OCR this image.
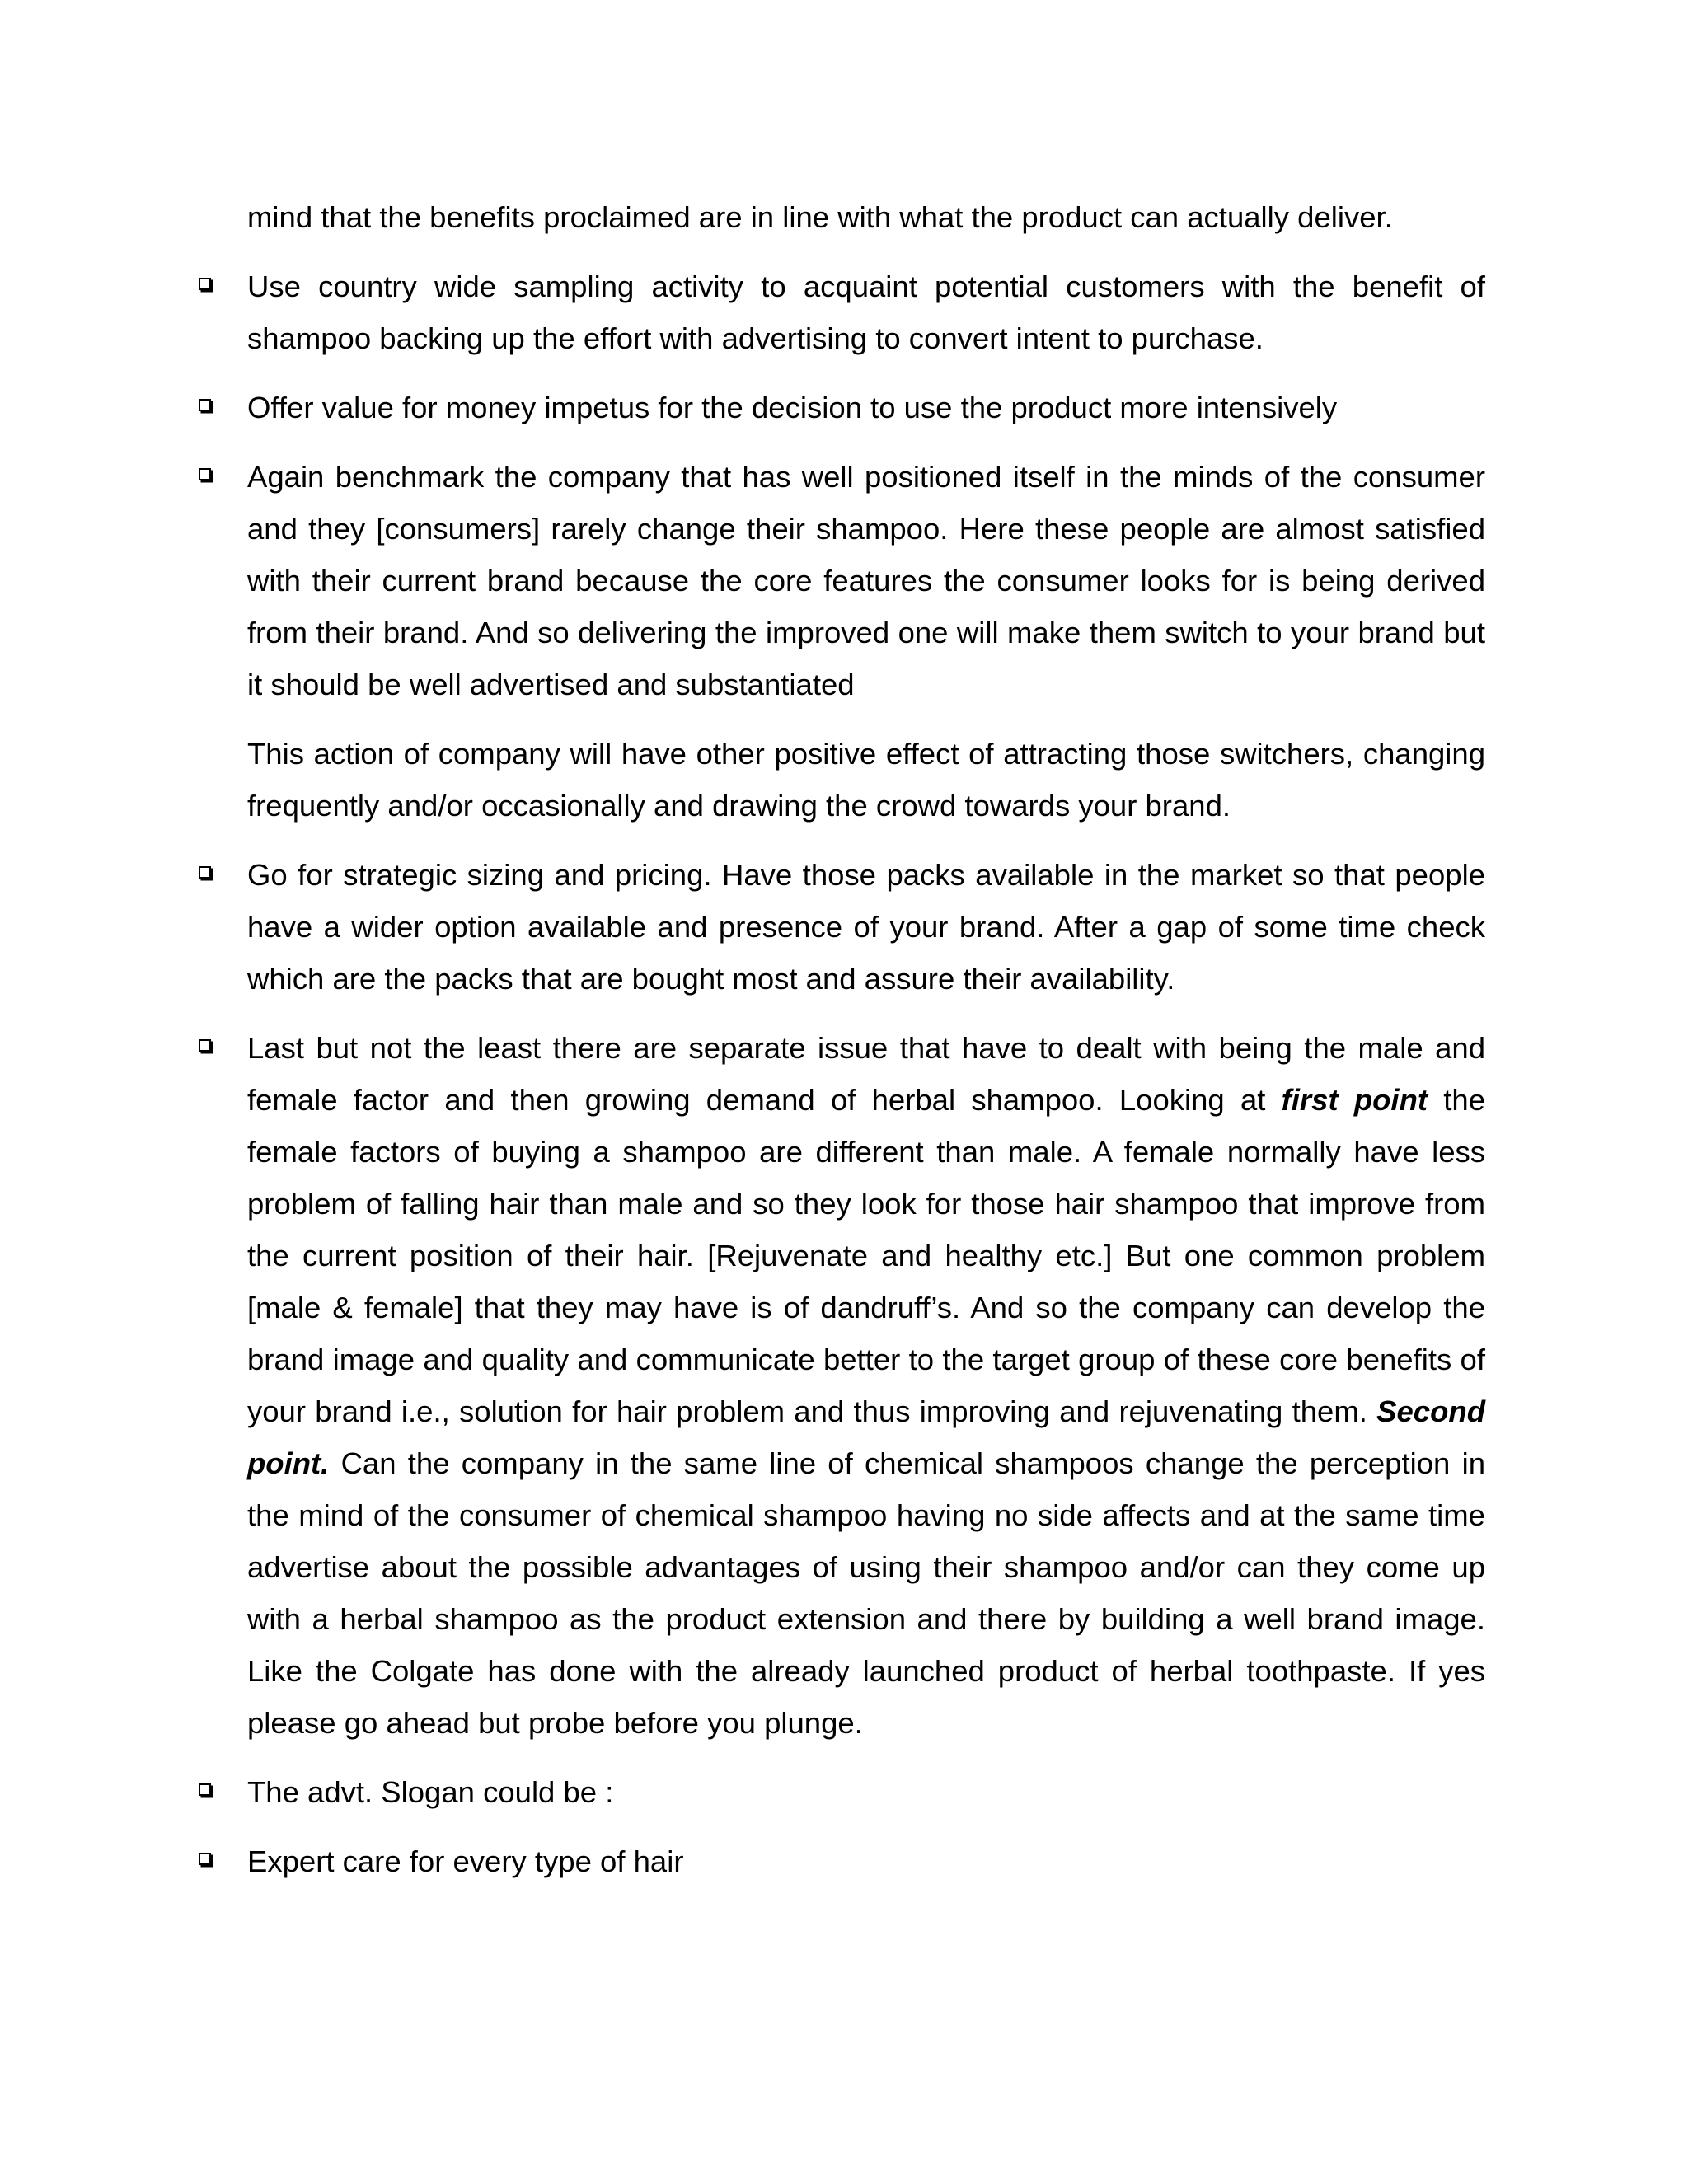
mind that the benefits proclaimed are in line with what the product can actually deliver.

Use country wide sampling activity to acquaint potential customers with the benefit of shampoo backing up the effort with advertising to convert intent to purchase.
Offer value for money impetus for the decision to use the product more intensively
Again benchmark the company that has well positioned itself in the minds of the consumer and they [consumers] rarely change their shampoo. Here these people are almost satisfied with their current brand because the core features the consumer looks for is being derived from their brand. And so delivering the improved one will make them switch to your brand but it should be well advertised and substantiated

This action of company will have other positive effect of attracting those switchers, changing frequently and/or occasionally and drawing the crowd towards your brand.

Go for strategic sizing and pricing. Have those packs available in the market so that people have a wider option available and presence of your brand. After a gap of some time check which are the packs that are bought most and assure their availability.
Last but not the least there are separate issue that have to dealt with being the male and female factor and then growing demand of herbal shampoo. Looking at first point the female factors of buying a shampoo are different than male. A female normally have less problem of falling hair than male and so they look for those hair shampoo that improve from the current position of their hair. [Rejuvenate and healthy etc.] But one common problem [male & female] that they may have is of dandruff’s. And so the company can develop the brand image and quality and communicate better to the target group of these core benefits of your brand i.e., solution for hair problem and thus improving and rejuvenating them. Second point. Can the company in the same line of chemical shampoos change the perception in the mind of the consumer of chemical shampoo having no side affects and at the same time advertise about the possible advantages of using their shampoo and/or can they come up with a herbal shampoo as the product extension and there by building a well brand image. Like the Colgate has done with the already launched product of herbal toothpaste. If yes please go ahead but probe before you plunge.
The advt. Slogan could be :
Expert care for every type of hair
